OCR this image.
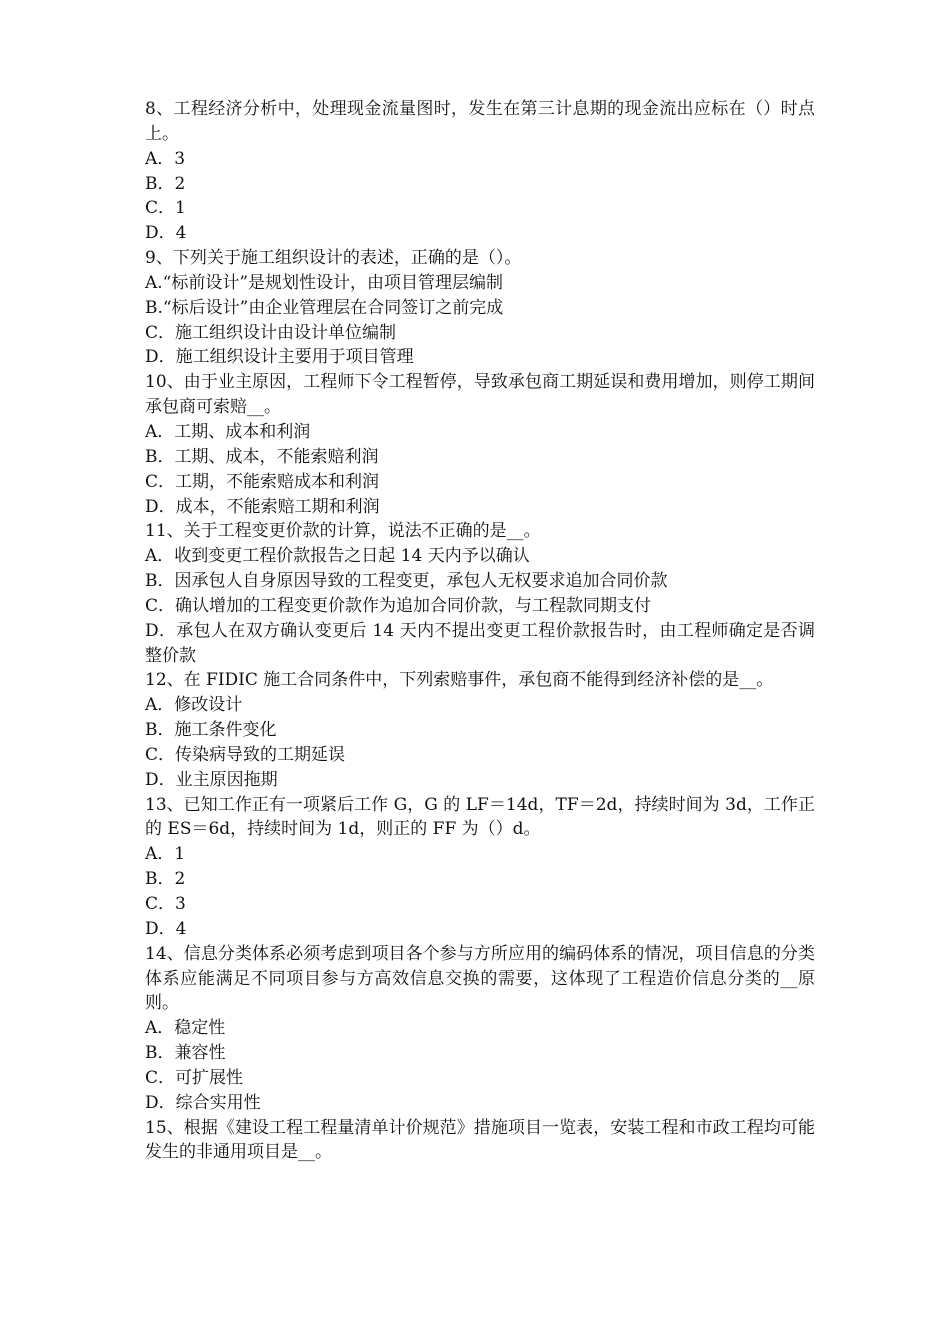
8、工程经济分析中，处理现金流量图时，发生在第三计息期的现金流出应标在（）时点上。

A．3

B．2

C．1

D．4

9、下列关于施工组织设计的表述，正确的是（）。

A.“标前设计”是规划性设计，由项目管理层编制

B.“标后设计”由企业管理层在合同签订之前完成

C．施工组织设计由设计单位编制

D．施工组织设计主要用于项目管理

10、由于业主原因，工程师下令工程暂停，导致承包商工期延误和费用增加，则停工期间承包商可索赔__。

A．工期、成本和利润

B．工期、成本，不能索赔利润

C．工期，不能索赔成本和利润

D．成本，不能索赔工期和利润

11、关于工程变更价款的计算，说法不正确的是__。

A．收到变更工程价款报告之日起 14 天内予以确认

B．因承包人自身原因导致的工程变更，承包人无权要求追加合同价款

C．确认增加的工程变更价款作为追加合同价款，与工程款同期支付

D．承包人在双方确认变更后 14 天内不提出变更工程价款报告时，由工程师确定是否调整价款

12、在 FIDIC 施工合同条件中，下列索赔事件，承包商不能得到经济补偿的是__。

A．修改设计

B．施工条件变化

C．传染病导致的工期延误

D．业主原因拖期

13、已知工作正有一项紧后工作 G，G 的 LF＝14d，TF＝2d，持续时间为 3d，工作正的 ES＝6d，持续时间为 1d，则正的 FF 为（）d。

A．1

B．2

C．3

D．4

14、信息分类体系必须考虑到项目各个参与方所应用的编码体系的情况，项目信息的分类体系应能满足不同项目参与方高效信息交换的需要，这体现了工程造价信息分类的__原则。

A．稳定性

B．兼容性

C．可扩展性

D．综合实用性

15、根据《建设工程工程量清单计价规范》措施项目一览表，安装工程和市政工程均可能发生的非通用项目是__。
